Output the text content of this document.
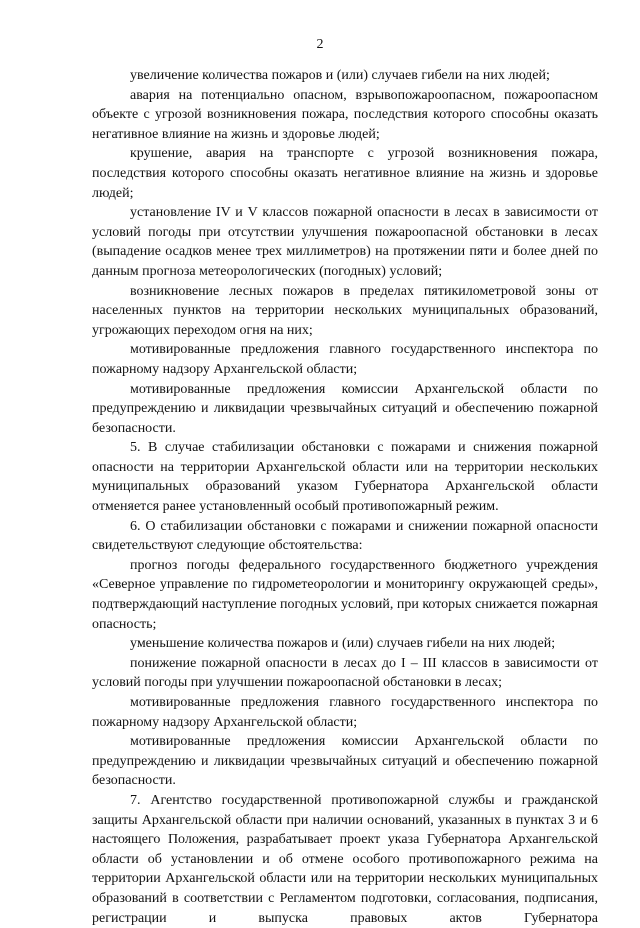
2

увеличение количества пожаров и (или) случаев гибели на них людей;

авария на потенциально опасном, взрывопожароопасном, пожароопасном объекте с угрозой возникновения пожара, последствия которого способны оказать негативное влияние на жизнь и здоровье людей;

крушение, авария на транспорте с угрозой возникновения пожара, последствия которого способны оказать негативное влияние на жизнь и здоровье людей;

установление IV и V классов пожарной опасности в лесах в зависимости от условий погоды при отсутствии улучшения пожароопасной обстановки в лесах (выпадение осадков менее трех миллиметров) на протяжении пяти и более дней по данным прогноза метеорологических (погодных) условий;

возникновение лесных пожаров в пределах пятикилометровой зоны от населенных пунктов на территории нескольких муниципальных образований, угрожающих переходом огня на них;

мотивированные предложения главного государственного инспектора по пожарному надзору Архангельской области;

мотивированные предложения комиссии Архангельской области по предупреждению и ликвидации чрезвычайных ситуаций и обеспечению пожарной безопасности.

5. В случае стабилизации обстановки с пожарами и снижения пожарной опасности на территории Архангельской области или на территории нескольких муниципальных образований указом Губернатора Архангельской области отменяется ранее установленный особый противопожарный режим.

6. О стабилизации обстановки с пожарами и снижении пожарной опасности свидетельствуют следующие обстоятельства:

прогноз погоды федерального государственного бюджетного учреждения «Северное управление по гидрометеорологии и мониторингу окружающей среды», подтверждающий наступление погодных условий, при которых снижается пожарная опасность;

уменьшение количества пожаров и (или) случаев гибели на них людей;

понижение пожарной опасности в лесах до I – III классов в зависимости от условий погоды при улучшении пожароопасной обстановки в лесах;

мотивированные предложения главного государственного инспектора по пожарному надзору Архангельской области;

мотивированные предложения комиссии Архангельской области по предупреждению и ликвидации чрезвычайных ситуаций и обеспечению пожарной безопасности.

7. Агентство государственной противопожарной службы и гражданской защиты Архангельской области при наличии оснований, указанных в пунктах 3 и 6 настоящего Положения, разрабатывает проект указа Губернатора Архангельской области об установлении и об отмене особого противопожарного режима на территории Архангельской области или на территории нескольких муниципальных образований в соответствии с Регламентом подготовки, согласования, подписания, регистрации и выпуска правовых актов Губернатора
